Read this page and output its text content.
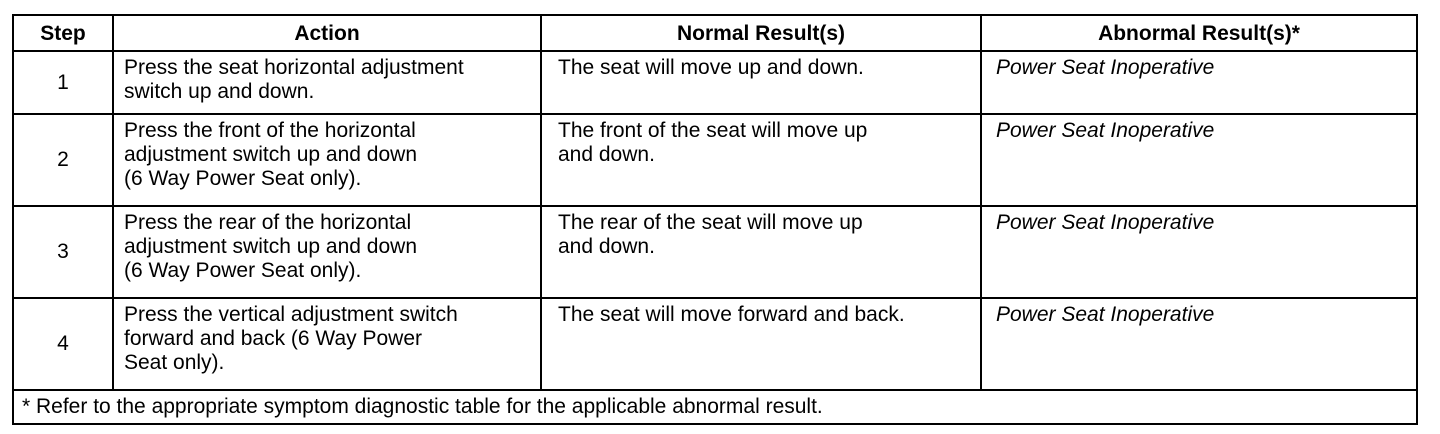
Step	Action	Normal Result(s)	Abnormal Result(s)*
1	Press the seat horizontal adjustment
switch up and down.	The seat will move up and down.	Power Seat Inoperative
2	Press the front of the horizontal
adjustment switch up and down
(6 Way Power Seat only).	The front of the seat will move up
and down.	Power Seat Inoperative
3	Press the rear of the horizontal
adjustment switch up and down
(6 Way Power Seat only).	The rear of the seat will move up
and down.	Power Seat Inoperative
4	Press the vertical adjustment switch
forward and back (6 Way Power
Seat only).	The seat will move forward and back.	Power Seat Inoperative
* Refer to the appropriate symptom diagnostic table for the applicable abnormal result.			
